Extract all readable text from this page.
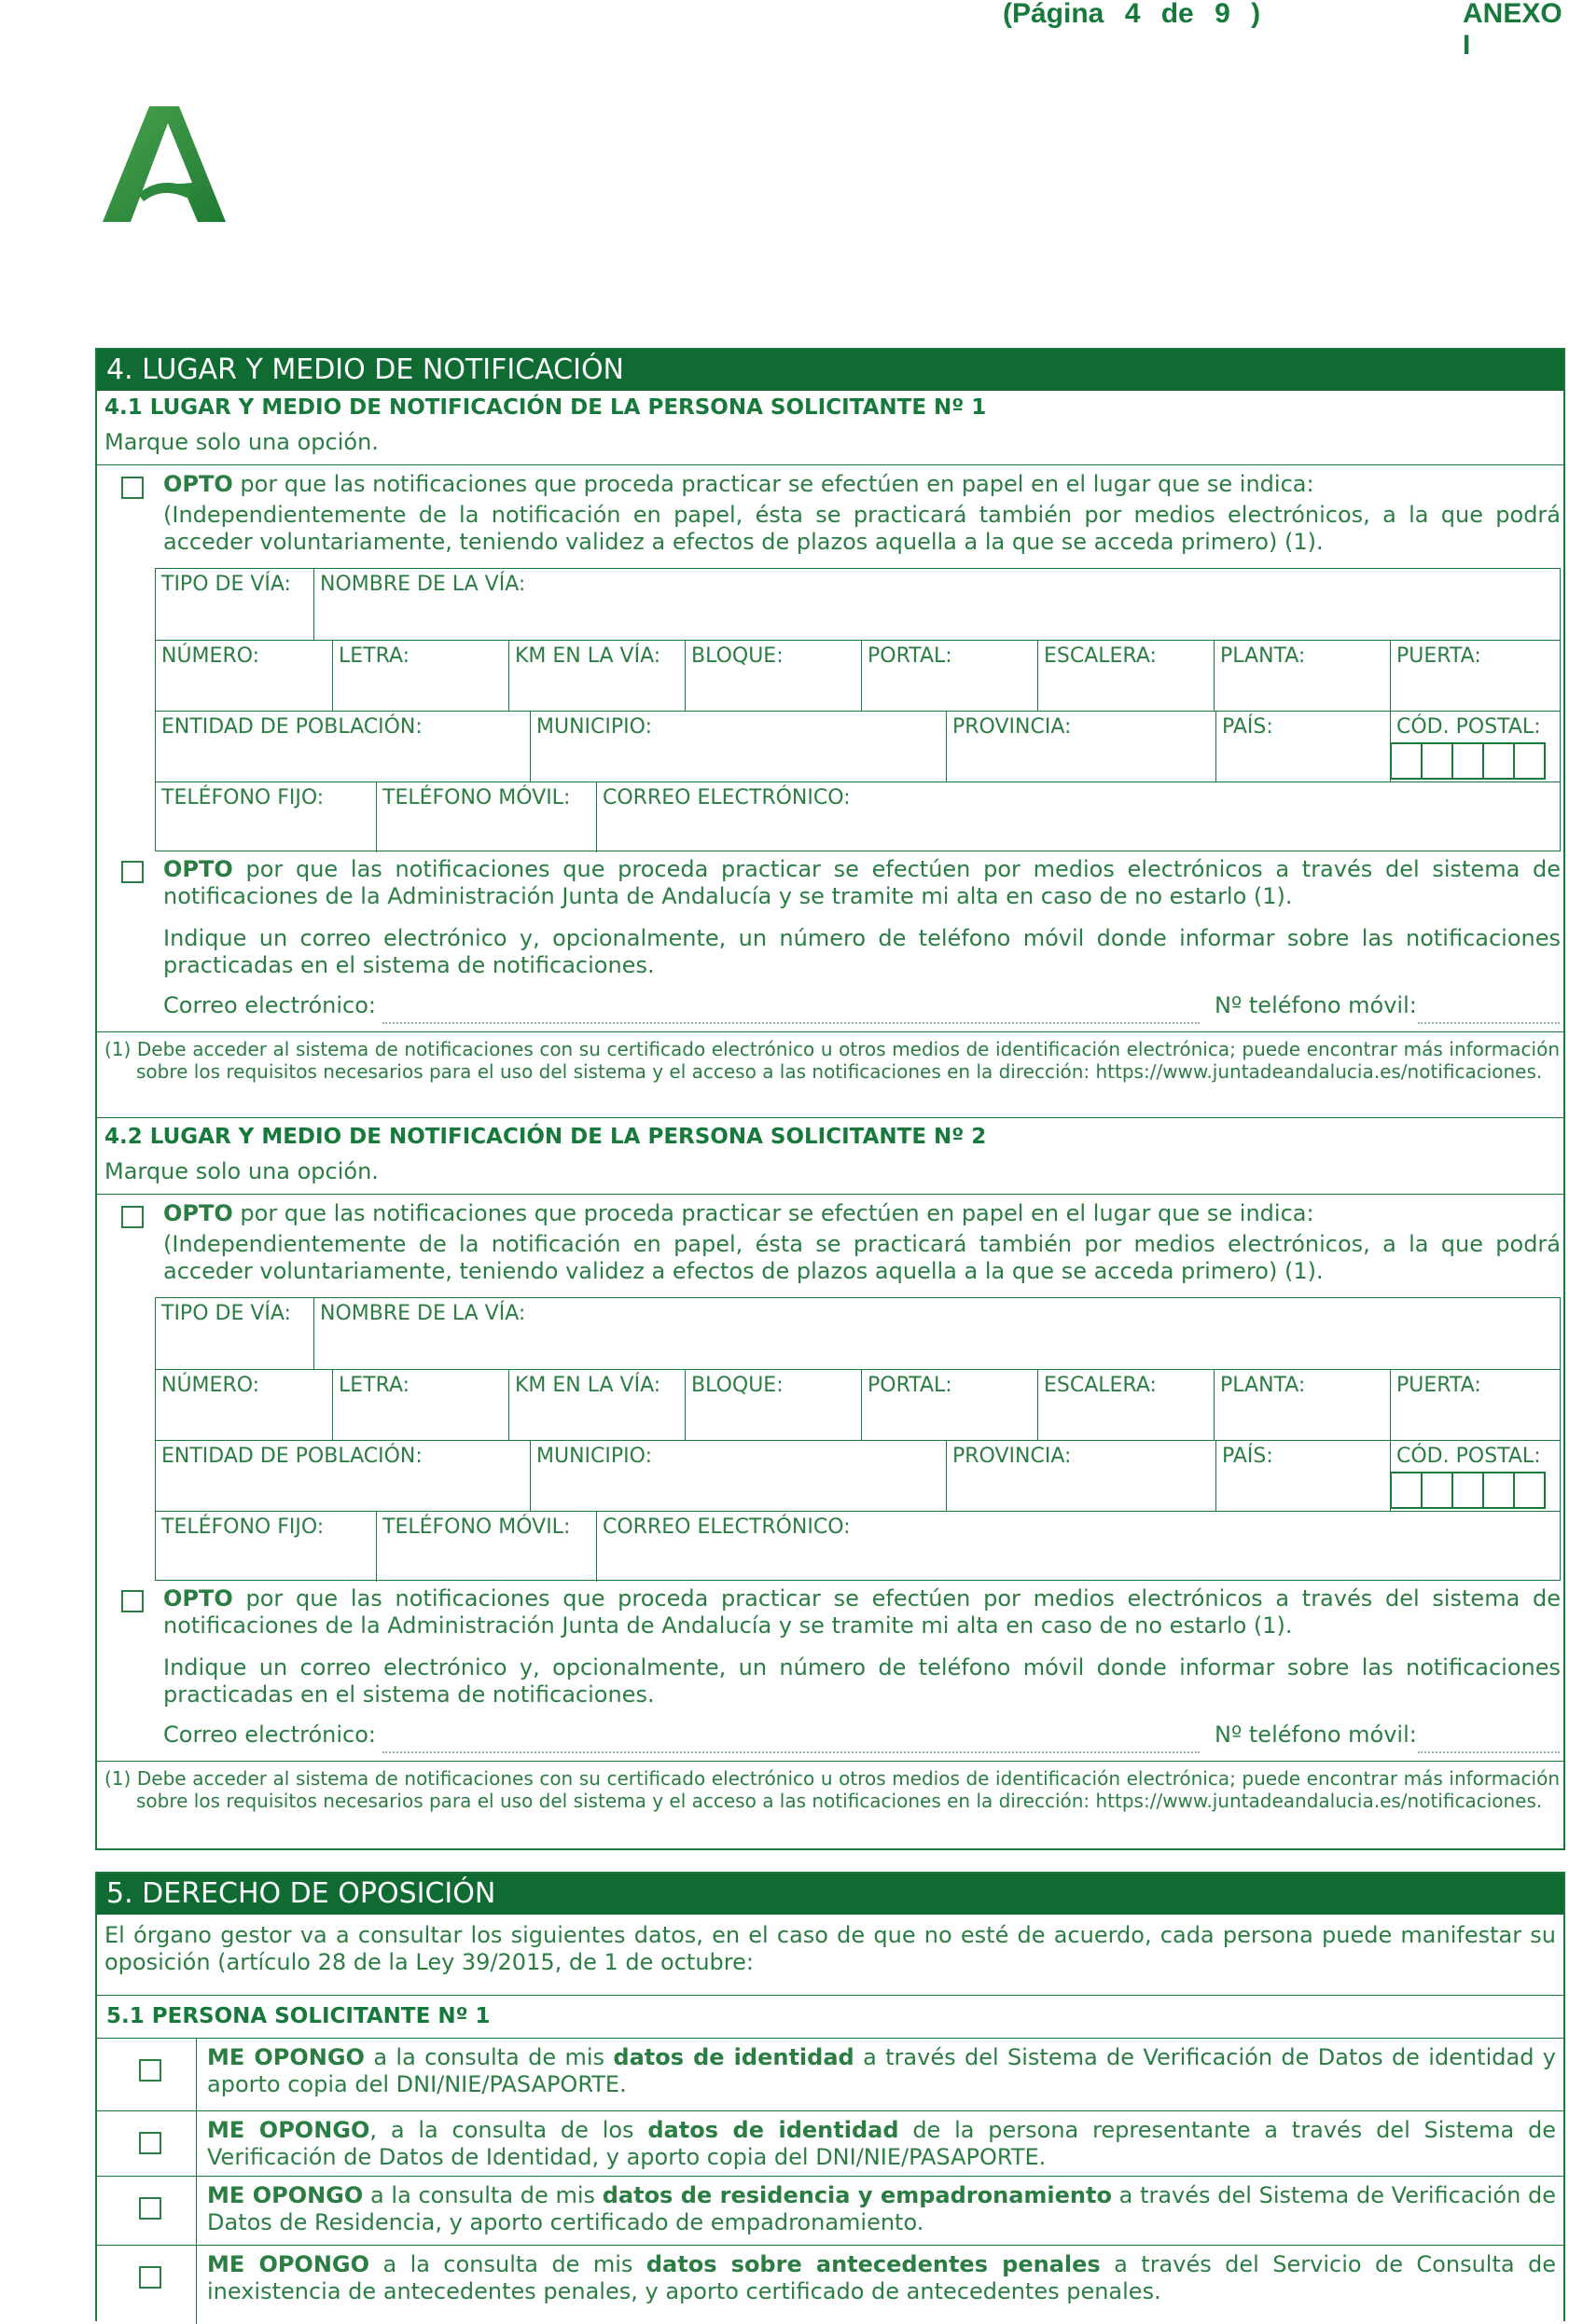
(Página 4 de 9 )	ANEXO I
4. LUGAR Y MEDIO DE NOTIFICACIÓN
5. DERECHO DE OPOSICIÓN
El órgano gestor va a consultar los siguientes datos, en el caso de que no esté de acuerdo, cada persona puede manifestar su oposición (artículo 28 de la Ley 39/2015, de 1 de octubre:
5.1 PERSONA SOLICITANTE Nº 1
ME OPONGO a la consulta de mis datos de identidad a través del Sistema de Verificación de Datos de identidad y aporto copia del DNI/NIE/PASAPORTE.
ME OPONGO, a la consulta de los datos de identidad de la persona representante a través del Sistema de Verificación de Datos de Identidad, y aporto copia del DNI/NIE/PASAPORTE.
ME OPONGO a la consulta de mis datos de residencia y empadronamiento a través del Sistema de Verificación de Datos de Residencia, y aporto certificado de empadronamiento.
ME OPONGO a la consulta de mis datos sobre antecedentes penales a través del Servicio de Consulta de inexistencia de antecedentes penales, y aporto certificado de antecedentes penales.
4.1 LUGAR Y MEDIO DE NOTIFICACIÓN DE LA PERSONA SOLICITANTE Nº 1
Marque solo una opción.
OPTO por que las notificaciones que proceda practicar se efectúen en papel en el lugar que se indica:
(Independientemente de la notificación en papel, ésta se practicará también por medios electrónicos, a la que podrá acceder voluntariamente, teniendo validez a efectos de plazos aquella a la que se acceda primero) (1).
TIPO DE VÍA:	NOMBRE DE LA VÍA:
NÚMERO:	LETRA:	KM EN LA VÍA:	BLOQUE:	PORTAL:	ESCALERA:	PLANTA:	PUERTA:
ENTIDAD DE POBLACIÓN:	MUNICIPIO:	PROVINCIA:	PAÍS:	CÓD. POSTAL:
TELÉFONO FIJO:	TELÉFONO MÓVIL:	CORREO ELECTRÓNICO:
OPTO por que las notificaciones que proceda practicar se efectúen por medios electrónicos a través del sistema de notificaciones de la Administración Junta de Andalucía y se tramite mi alta en caso de no estarlo (1).
Indique un correo electrónico y, opcionalmente, un número de teléfono móvil donde informar sobre las notificaciones practicadas en el sistema de notificaciones.
Correo electrónico:	Nº teléfono móvil:
(1) Debe acceder al sistema de notificaciones con su certificado electrónico u otros medios de identificación electrónica; puede encontrar más información sobre los requisitos necesarios para el uso del sistema y el acceso a las notificaciones en la dirección: https://www.juntadeandalucia.es/notificaciones.
4.2 LUGAR Y MEDIO DE NOTIFICACIÓN DE LA PERSONA SOLICITANTE Nº 2
Marque solo una opción.
OPTO por que las notificaciones que proceda practicar se efectúen en papel en el lugar que se indica:
(Independientemente de la notificación en papel, ésta se practicará también por medios electrónicos, a la que podrá acceder voluntariamente, teniendo validez a efectos de plazos aquella a la que se acceda primero) (1).
TIPO DE VÍA:	NOMBRE DE LA VÍA:
NÚMERO:	LETRA:	KM EN LA VÍA:	BLOQUE:	PORTAL:	ESCALERA:	PLANTA:	PUERTA:
ENTIDAD DE POBLACIÓN:	MUNICIPIO:	PROVINCIA:	PAÍS:	CÓD. POSTAL:
TELÉFONO FIJO:	TELÉFONO MÓVIL:	CORREO ELECTRÓNICO:
OPTO por que las notificaciones que proceda practicar se efectúen por medios electrónicos a través del sistema de notificaciones de la Administración Junta de Andalucía y se tramite mi alta en caso de no estarlo (1).
Indique un correo electrónico y, opcionalmente, un número de teléfono móvil donde informar sobre las notificaciones practicadas en el sistema de notificaciones.
Correo electrónico:	Nº teléfono móvil:
(1) Debe acceder al sistema de notificaciones con su certificado electrónico u otros medios de identificación electrónica; puede encontrar más información sobre los requisitos necesarios para el uso del sistema y el acceso a las notificaciones en la dirección: https://www.juntadeandalucia.es/notificaciones.
